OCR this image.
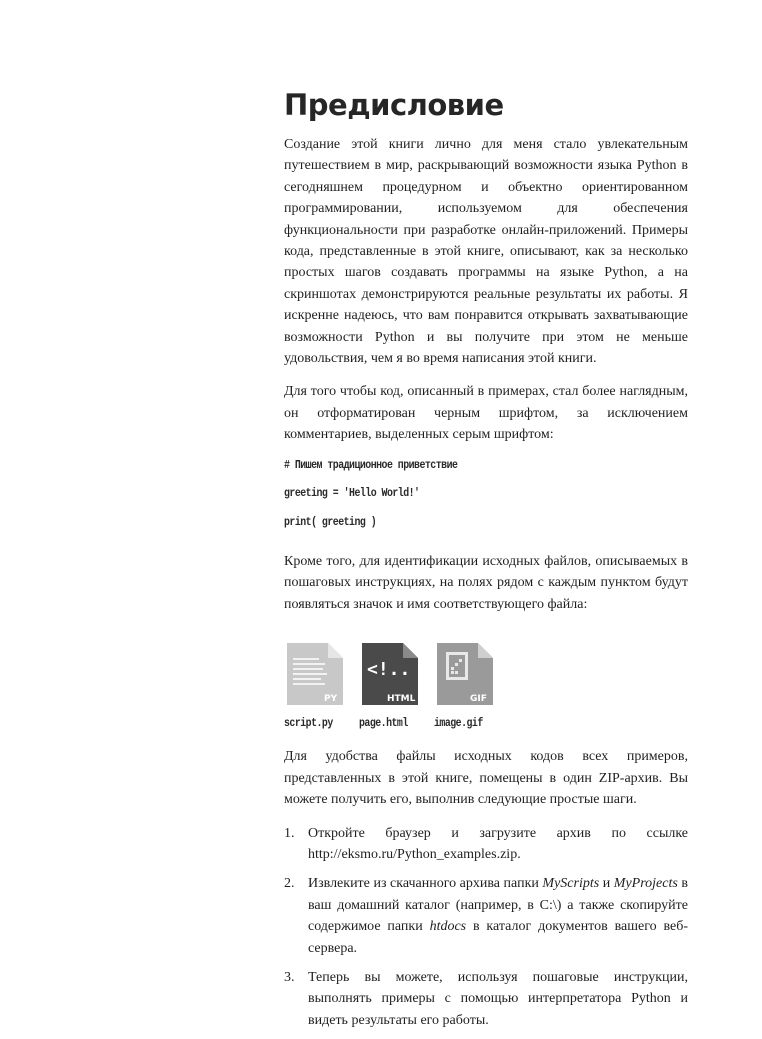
Предисловие

Создание этой книги лично для меня стало увлекательным путешествием в мир, раскрывающий возможности языка Python в сегодняшнем процедурном и объектно ориентированном программировании, используемом для обеспечения функциональности при разработке онлайн-приложений. Примеры кода, представленные в этой книге, описывают, как за несколько простых шагов создавать программы на языке Python, а на скриншотах демонстрируются реальные результаты их работы. Я искренне надеюсь, что вам понравится открывать захватывающие возможности Python и вы получите при этом не меньше удовольствия, чем я во время написания этой книги.

Для того чтобы код, описанный в примерах, стал более наглядным, он отформатирован черным шрифтом, за исключением комментариев, выделенных серым шрифтом:

# Пишем традиционное приветствие
greeting = 'Hello World!'
print( greeting )

Кроме того, для идентификации исходных файлов, описываемых в пошаговых инструкциях, на полях рядом с каждым пунктом будут появляться значок и имя соответствующего файла:

PY
<!..
HTML	GIF
script.py	page.html	image.gif

Для удобства файлы исходных кодов всех примеров, представленных в этой книге, помещены в один ZIP-архив. Вы можете получить его, выполнив следующие простые шаги.

1. Откройте браузер и загрузите архив по ссылке http://eksmo.ru/Python_examples.zip.
2. Извлеките из скачанного архива папки MyScripts и MyProjects в ваш домашний каталог (например, в C:\) а также скопируйте содержимое папки htdocs в каталог документов вашего веб-сервера.
3. Теперь вы можете, используя пошаговые инструкции, выполнять примеры с помощью интерпретатора Python и видеть результаты его работы.
